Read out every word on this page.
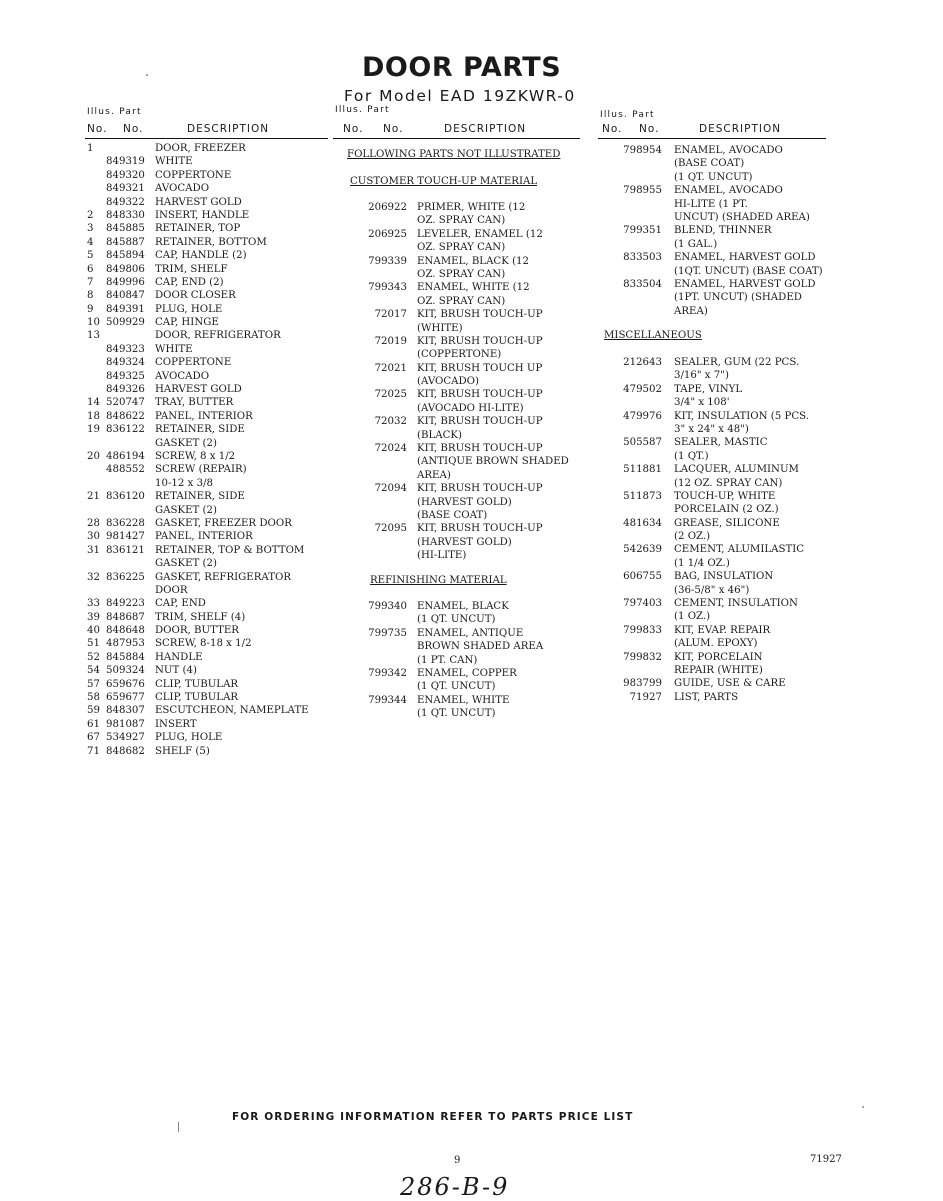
DOOR PARTS
For Model EAD 19ZKWR-0
Illus. Part
No. No.	DESCRIPTION
1	DOOR, FREEZER
849319 WHITE
849320 COPPERTONE
849321 AVOCADO
849322 HARVEST GOLD
2 848330 INSERT, HANDLE
3 845885 RETAINER, TOP
4 845887 RETAINER, BOTTOM
5 845894 CAP, HANDLE (2)
6 849806 TRIM, SHELF
7 849996 CAP, END (2)
8 840847 DOOR CLOSER
9 849391 PLUG, HOLE
10 509929 CAP, HINGE
13	DOOR, REFRIGERATOR
849323 WHITE
849324 COPPERTONE
849325 AVOCADO
849326 HARVEST GOLD
14 520747 TRAY, BUTTER
18 848622 PANEL, INTERIOR
19 836122 RETAINER, SIDE
GASKET (2)
20 486194 SCREW, 8 x 1/2
488552 SCREW (REPAIR)
10-12 x 3/8
21 836120 RETAINER, SIDE
GASKET (2)
28 836228 GASKET, FREEZER DOOR
30 981427 PANEL, INTERIOR
31 836121 RETAINER, TOP & BOTTOM
GASKET (2)
32 836225 GASKET, REFRIGERATOR
DOOR
33 849223 CAP, END
39 848687 TRIM, SHELF (4)
40 848648 DOOR, BUTTER
51 487953 SCREW, 8-18 x 1/2
52 845884 HANDLE
54 509324 NUT (4)
57 659676 CLIP, TUBULAR
58 659677 CLIP, TUBULAR
59 848307 ESCUTCHEON, NAMEPLATE
61 981087 INSERT
67 534927 PLUG, HOLE
71 848682 SHELF (5)
Illus. Part
No. No.	DESCRIPTION
FOLLOWING PARTS NOT ILLUSTRATED
CUSTOMER TOUCH-UP MATERIAL
206922 PRIMER, WHITE (12
OZ. SPRAY CAN)
206925 LEVELER, ENAMEL (12
OZ. SPRAY CAN)
799339 ENAMEL, BLACK (12
OZ. SPRAY CAN)
799343 ENAMEL, WHITE (12
OZ. SPRAY CAN)
72017 KIT, BRUSH TOUCH-UP
(WHITE)
72019 KIT, BRUSH TOUCH-UP
(COPPERTONE)
72021 KIT, BRUSH TOUCH UP
(AVOCADO)
72025 KIT, BRUSH TOUCH-UP
(AVOCADO HI-LITE)
72032 KIT, BRUSH TOUCH-UP
(BLACK)
72024 KIT, BRUSH TOUCH-UP
(ANTIQUE BROWN SHADED
AREA)
72094 KIT, BRUSH TOUCH-UP
(HARVEST GOLD)
(BASE COAT)
72095 KIT, BRUSH TOUCH-UP
(HARVEST GOLD)
(HI-LITE)
REFINISHING MATERIAL
799340 ENAMEL, BLACK
(1 QT. UNCUT)
799735 ENAMEL, ANTIQUE
BROWN SHADED AREA
(1 PT. CAN)
799342 ENAMEL, COPPER
(1 QT. UNCUT)
799344 ENAMEL, WHITE
(1 QT. UNCUT)
Illus. Part
No. No.	DESCRIPTION
798954 ENAMEL, AVOCADO
(BASE COAT)
(1 QT. UNCUT)
798955 ENAMEL, AVOCADO
HI-LITE (1 PT.
UNCUT) (SHADED AREA)
799351 BLEND, THINNER
(1 GAL.)
833503 ENAMEL, HARVEST GOLD
(1QT. UNCUT) (BASE COAT)
833504 ENAMEL, HARVEST GOLD
(1PT. UNCUT) (SHADED
AREA)
MISCELLANEOUS
212643 SEALER, GUM (22 PCS.
3/16" x 7")
479502 TAPE, VINYL
3/4" x 108'
479976 KIT, INSULATION (5 PCS.
3" x 24" x 48")
505587 SEALER, MASTIC
(1 QT.)
511881 LACQUER, ALUMINUM
(12 OZ. SPRAY CAN)
511873 TOUCH-UP, WHITE
PORCELAIN (2 OZ.)
481634 GREASE, SILICONE
(2 OZ.)
542639 CEMENT, ALUMILASTIC
(1 1/4 OZ.)
606755 BAG, INSULATION
(36-5/8" x 46")
797403 CEMENT, INSULATION
(1 OZ.)
799833 KIT, EVAP. REPAIR
(ALUM. EPOXY)
799832 KIT, PORCELAIN
REPAIR (WHITE)
983799 GUIDE, USE & CARE
71927 LIST, PARTS
FOR ORDERING INFORMATION REFER TO PARTS PRICE LIST
9	71927
286-B-9
